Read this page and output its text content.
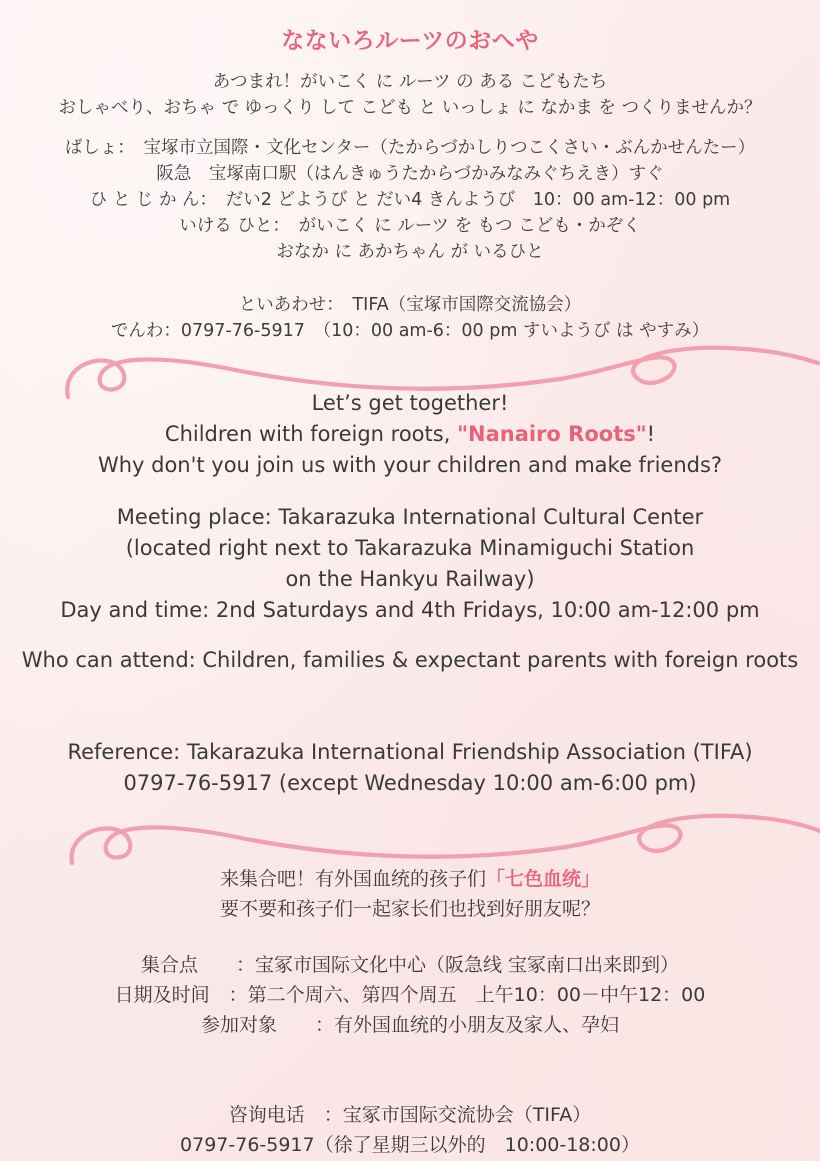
なないろルーツのおへや
あつまれ！がいこく に ルーツ の ある こどもたち
おしゃべり、おちゃ で ゆっくり して こども と いっしょ に なかま を つくりませんか？
ばしょ：　宝塚市立国際・文化センター（たからづかしりつこくさい・ぶんかせんたー）
阪急　宝塚南口駅（はんきゅうたからづかみなみぐちえき）すぐ
ひ と じ か ん：　だい2 どようび と だい4 きんようび　10：00 am-12：00 pm
いける ひと：　がいこく に ルーツ を もつ こども・かぞく
おなか に あかちゃん が いるひと
といあわせ：　TIFA（宝塚市国際交流協会）
でんわ：0797-76-5917　（10：00 am-6：00 pm すいようび は やすみ）
Let’s get together!
Children with foreign roots, "Nanairo Roots"!
Why don't you join us with your children and make friends?
Meeting place: Takarazuka International Cultural Center
(located right next to Takarazuka Minamiguchi Station
on the Hankyu Railway)
Day and time: 2nd Saturdays and 4th Fridays, 10:00 am-12:00 pm
Who can attend: Children, families & expectant parents with foreign roots
Reference: Takarazuka International Friendship Association (TIFA)
0797-76-5917 (except Wednesday 10:00 am-6:00 pm)
来集合吧！有外国血统的孩子们「七色血统」
要不要和孩子们一起家长们也找到好朋友呢？
集合点　　：宝冢市国际文化中心（阪急线 宝冢南口出来即到）
日期及时间　：第二个周六、第四个周五　上午10：00－中午12：00
参加对象　　：有外国血统的小朋友及家人、孕妇
咨询电话　：宝冢市国际交流协会（TIFA）
0797-76-5917（徐了星期三以外的　10:00-18:00）
